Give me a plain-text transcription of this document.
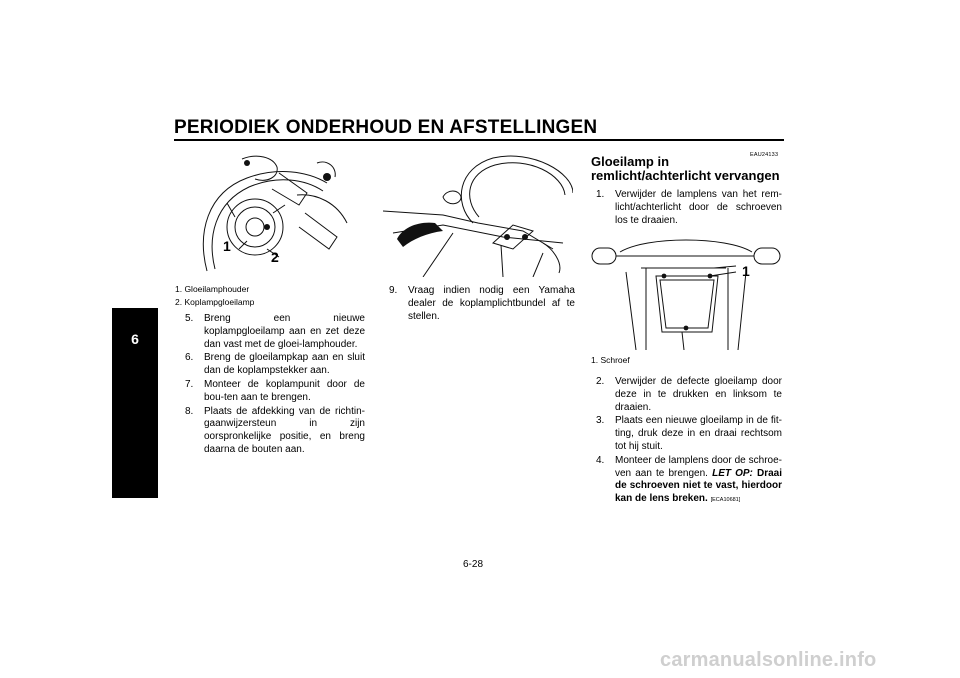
PERIODIEK ONDERHOUD EN AFSTELLINGEN
6
1
2
1. Gloeilamphouder
2. Koplampgloeilamp
5. Breng een nieuwe koplampgloeilamp aan en zet deze dan vast met de gloei-lamphouder.
6. Breng de gloeilampkap aan en sluit dan de koplampstekker aan.
7. Monteer de koplampunit door de bou-ten aan te brengen.
8. Plaats de afdekking van de richtin-gaanwijzersteun in zijn oorspronkelijke positie, en breng daarna de bouten aan.
9. Vraag indien nodig een Yamaha dealer de koplamplichtbundel af te stellen.
EAU24133
Gloeilamp in remlicht/achterlicht vervangen
1. Verwijder de lamplens van het rem-licht/achterlicht door de schroeven los te draaien.
1
1. Schroef
2. Verwijder de defecte gloeilamp door deze in te drukken en linksom te draaien.
3. Plaats een nieuwe gloeilamp in de fit-ting, druk deze in en draai rechtsom tot hij stuit.
4. Monteer de lamplens door de schroe-ven aan te brengen. LET OP: Draai de schroeven niet te vast, hierdoor kan de lens breken. [ECA10681]
6-28
carmanualsonline.info
